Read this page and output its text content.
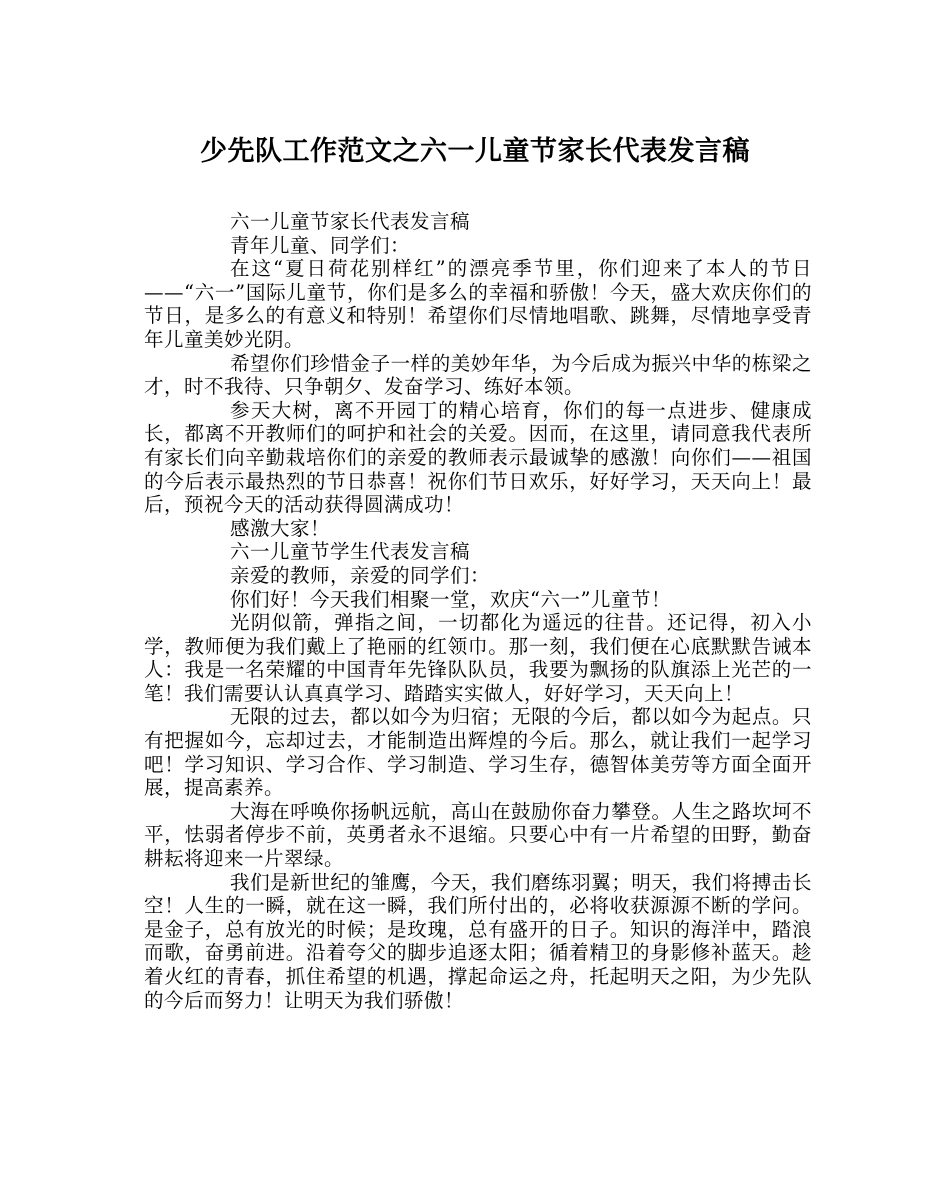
少先队工作范文之六一儿童节家长代表发言稿

六一儿童节家长代表发言稿

青年儿童、同学们：

在这“夏日荷花别样红”的漂亮季节里，你们迎来了本人的节日——“六一”国际儿童节，你们是多么的幸福和骄傲！今天，盛大欢庆你们的节日，是多么的有意义和特别！希望你们尽情地唱歌、跳舞，尽情地享受青年儿童美妙光阴。

希望你们珍惜金子一样的美妙年华，为今后成为振兴中华的栋梁之才，时不我待、只争朝夕、发奋学习、练好本领。

参天大树，离不开园丁的精心培育，你们的每一点进步、健康成长，都离不开教师们的呵护和社会的关爱。因而，在这里，请同意我代表所有家长们向辛勤栽培你们的亲爱的教师表示最诚挚的感激！向你们——祖国的今后表示最热烈的节日恭喜！祝你们节日欢乐，好好学习，天天向上！最后，预祝今天的活动获得圆满成功！

感激大家！

六一儿童节学生代表发言稿

亲爱的教师，亲爱的同学们：

你们好！今天我们相聚一堂，欢庆“六一”儿童节！

光阴似箭，弹指之间，一切都化为遥远的往昔。还记得，初入小学，教师便为我们戴上了艳丽的红领巾。那一刻，我们便在心底默默告诫本人：我是一名荣耀的中国青年先锋队队员，我要为飘扬的队旗添上光芒的一笔！我们需要认认真真学习、踏踏实实做人，好好学习，天天向上！

无限的过去，都以如今为归宿；无限的今后，都以如今为起点。只有把握如今，忘却过去，才能制造出辉煌的今后。那么，就让我们一起学习吧！学习知识、学习合作、学习制造、学习生存，德智体美劳等方面全面开展，提高素养。

大海在呼唤你扬帆远航，高山在鼓励你奋力攀登。人生之路坎坷不平，怯弱者停步不前，英勇者永不退缩。只要心中有一片希望的田野，勤奋耕耘将迎来一片翠绿。

我们是新世纪的雏鹰，今天，我们磨练羽翼；明天，我们将搏击长空！人生的一瞬，就在这一瞬，我们所付出的，必将收获源源不断的学问。是金子，总有放光的时候；是玫瑰，总有盛开的日子。知识的海洋中，踏浪而歌，奋勇前进。沿着夸父的脚步追逐太阳；循着精卫的身影修补蓝天。趁着火红的青春，抓住希望的机遇，撑起命运之舟，托起明天之阳，为少先队的今后而努力！让明天为我们骄傲！
